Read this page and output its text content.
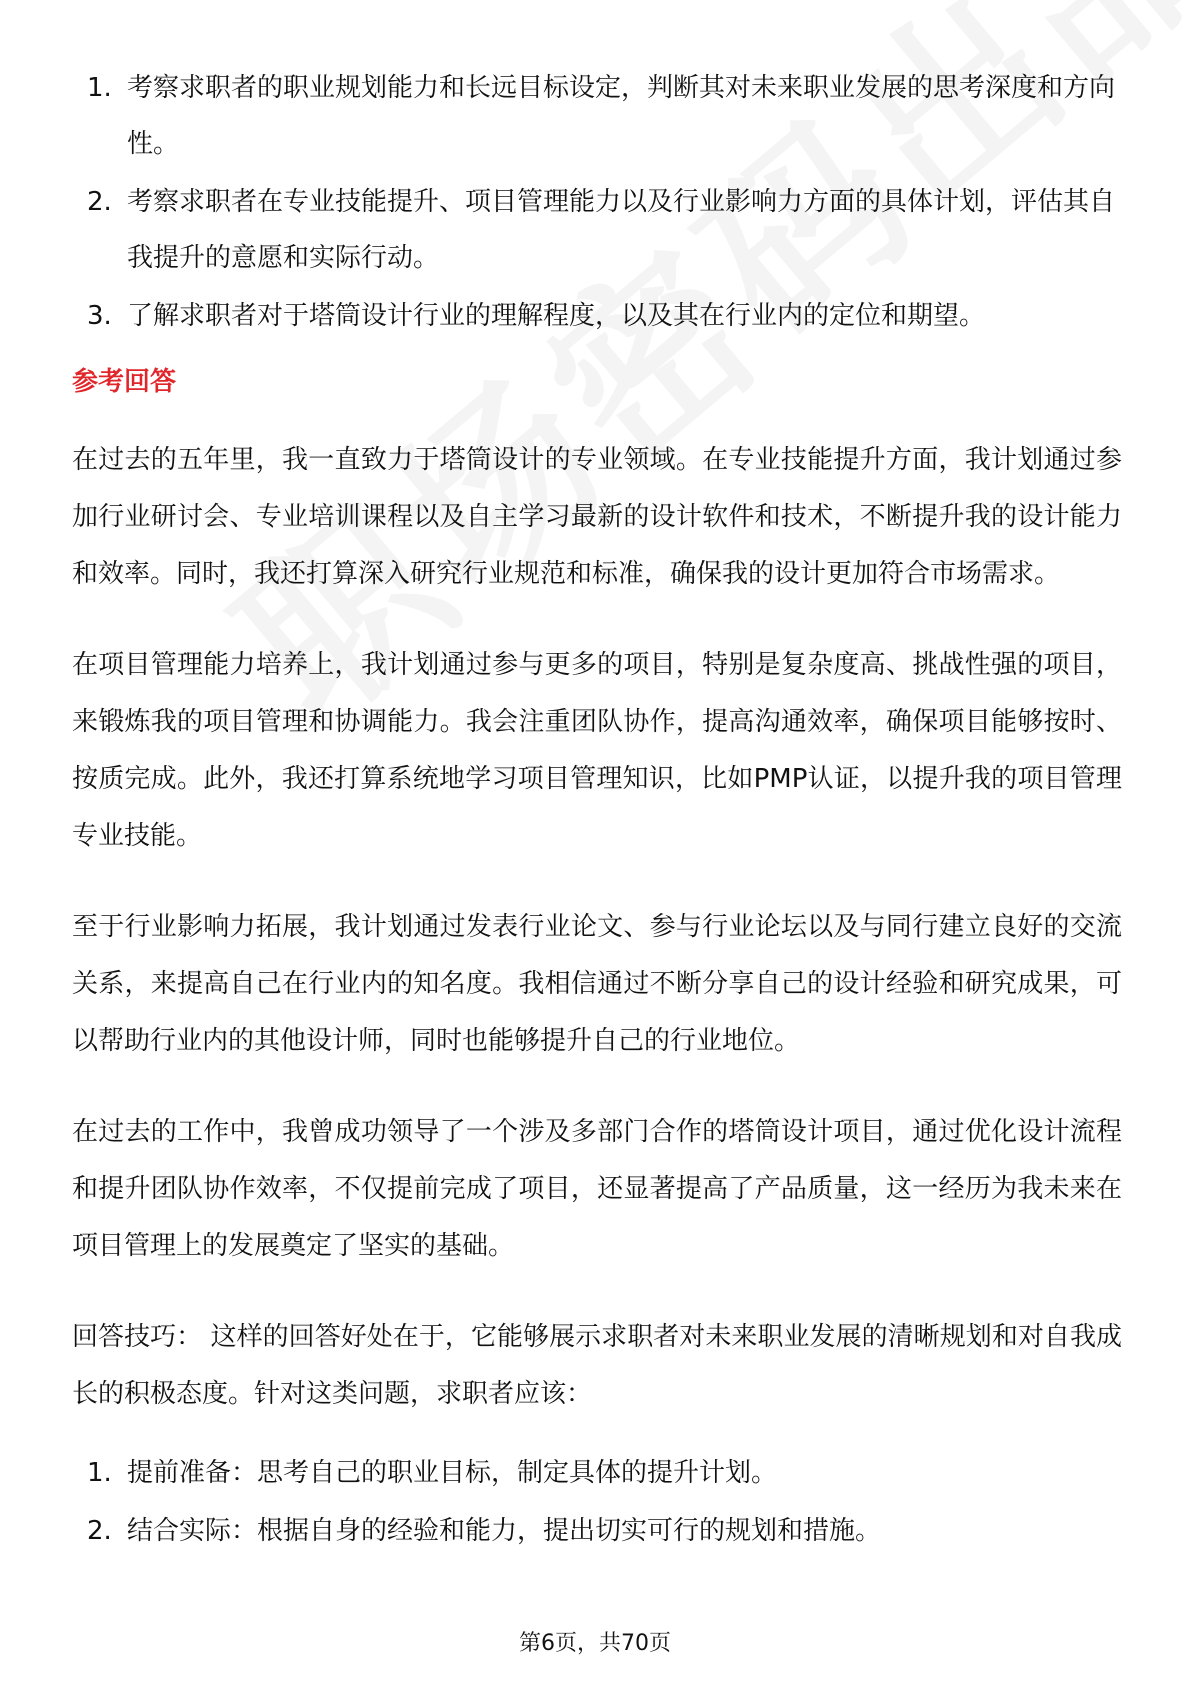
1. 考察求职者的职业规划能力和长远目标设定，判断其对未来职业发展的思考深度和方向性。
2. 考察求职者在专业技能提升、项目管理能力以及行业影响力方面的具体计划，评估其自我提升的意愿和实际行动。
3. 了解求职者对于塔筒设计行业的理解程度，以及其在行业内的定位和期望。
参考回答

在过去的五年里，我一直致力于塔筒设计的专业领域。在专业技能提升方面，我计划通过参加行业研讨会、专业培训课程以及自主学习最新的设计软件和技术，不断提升我的设计能力和效率。同时，我还打算深入研究行业规范和标准，确保我的设计更加符合市场需求。

在项目管理能力培养上，我计划通过参与更多的项目，特别是复杂度高、挑战性强的项目，来锻炼我的项目管理和协调能力。我会注重团队协作，提高沟通效率，确保项目能够按时、按质完成。此外，我还打算系统地学习项目管理知识，比如PMP认证，以提升我的项目管理专业技能。

至于行业影响力拓展，我计划通过发表行业论文、参与行业论坛以及与同行建立良好的交流关系，来提高自己在行业内的知名度。我相信通过不断分享自己的设计经验和研究成果，可以帮助行业内的其他设计师，同时也能够提升自己的行业地位。

在过去的工作中，我曾成功领导了一个涉及多部门合作的塔筒设计项目，通过优化设计流程和提升团队协作效率，不仅提前完成了项目，还显著提高了产品质量，这一经历为我未来在项目管理上的发展奠定了坚实的基础。

回答技巧： 这样的回答好处在于，它能够展示求职者对未来职业发展的清晰规划和对自我成长的积极态度。针对这类问题，求职者应该：

1. 提前准备：思考自己的职业目标，制定具体的提升计划。
2. 结合实际：根据自身的经验和能力，提出切实可行的规划和措施。
第6页，共70页
